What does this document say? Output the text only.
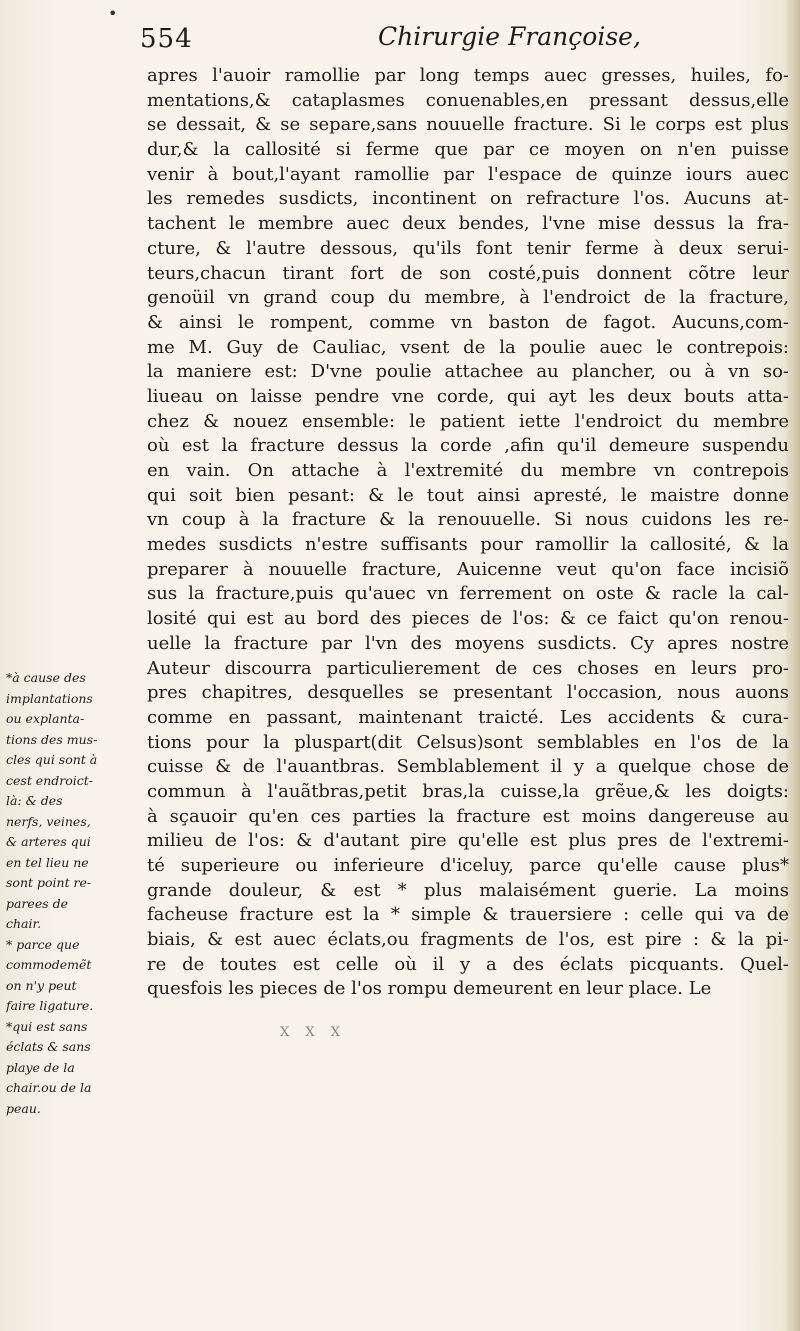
•
554	Chirurgie Françoise,
apres l'auoir ramollie par long temps auec gresses, huiles, fo-
mentations,& cataplasmes conuenables,en pressant dessus,elle
se dessait, & se separe,sans nouuelle fracture. Si le corps est plus
dur,& la callosité si ferme que par ce moyen on n'en puisse
venir à bout,l'ayant ramollie par l'espace de quinze iours auec
les remedes susdicts, incontinent on refracture l'os. Aucuns at-
tachent le membre auec deux bendes, l'vne mise dessus la fra-
cture, & l'autre dessous, qu'ils font tenir ferme à deux serui-
teurs,chacun tirant fort de son costé,puis donnent cõtre leur
genoüil vn grand coup du membre, à l'endroict de la fracture,
& ainsi le rompent, comme vn baston de fagot. Aucuns,com-
me M. Guy de Cauliac, vsent de la poulie auec le contrepois:
la maniere est: D'vne poulie attachee au plancher, ou à vn so-
liueau on laisse pendre vne corde, qui ayt les deux bouts atta-
chez & nouez ensemble: le patient iette l'endroict du membre
où est la fracture dessus la corde ,afin qu'il demeure suspendu
en vain. On attache à l'extremité du membre vn contrepois
qui soit bien pesant: & le tout ainsi apresté, le maistre donne
vn coup à la fracture & la renouuelle. Si nous cuidons les re-
medes susdicts n'estre suffisants pour ramollir la callosité, & la
preparer à nouuelle fracture, Auicenne veut qu'on face incisiõ
sus la fracture,puis qu'auec vn ferrement on oste & racle la cal-
losité qui est au bord des pieces de l'os: & ce faict qu'on renou-
uelle la fracture par l'vn des moyens susdicts. Cy apres nostre
Auteur discourra particulierement de ces choses en leurs pro-
pres chapitres, desquelles se presentant l'occasion, nous auons
comme en passant, maintenant traicté. Les accidents & cura-
tions pour la pluspart(dit Celsus)sont semblables en l'os de la
cuisse & de l'auantbras. Semblablement il y a quelque chose de
commun à l'auãtbras,petit bras,la cuisse,la grẽue,& les doigts:
à sçauoir qu'en ces parties la fracture est moins dangereuse au
milieu de l'os: & d'autant pire qu'elle est plus pres de l'extremi-
té superieure ou inferieure d'iceluy, parce qu'elle cause plus*
grande douleur, & est * plus malaisément guerie. La moins
facheuse fracture est la * simple & trauersiere : celle qui va de
biais, & est auec éclats,ou fragments de l'os, est pire : & la pi-
re de toutes est celle où il y a des éclats picquants. Quel-
quesfois les pieces de l'os rompu demeurent en leur place. Le
*à cause des
implantations
ou explanta-
tions des mus-
cles qui sont à
cest endroict-
là: & des
nerfs, veines,
& arteres qui
en tel lieu ne
sont point re-
parees de
chair.
* parce que
commodemẽt
on n'y peut
faire ligature.
*qui est sans
éclats & sans
playe de la
chair.ou de la
peau.
X X X
